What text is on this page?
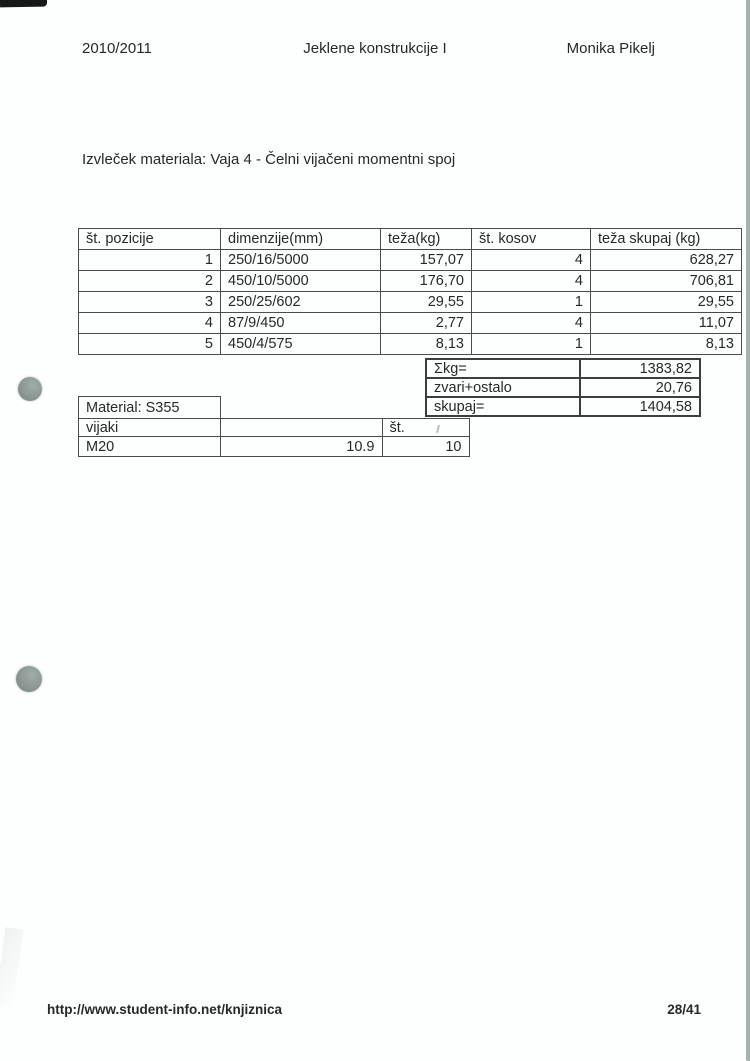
2010/2011	Jeklene konstrukcije I	Monika Pikelj
Izvleček materiala: Vaja 4 - Čelni vijačeni momentni spoj
št. pozicije	dimenzije(mm)	teža(kg)	št. kosov	teža skupaj (kg)
1	250/16/5000	157,07	4	628,27
2	450/10/5000	176,70	4	706,81
3	250/25/602	29,55	1	29,55
4	87/9/450	2,77	4	11,07
5	450/4/575	8,13	1	8,13
Σkg=	1383,82
zvari+ostalo	20,76
skupaj=	1404,58
Material: S355		
vijaki		št.
M20	10.9	10
http://www.student-info.net/knjiznica	28/41
